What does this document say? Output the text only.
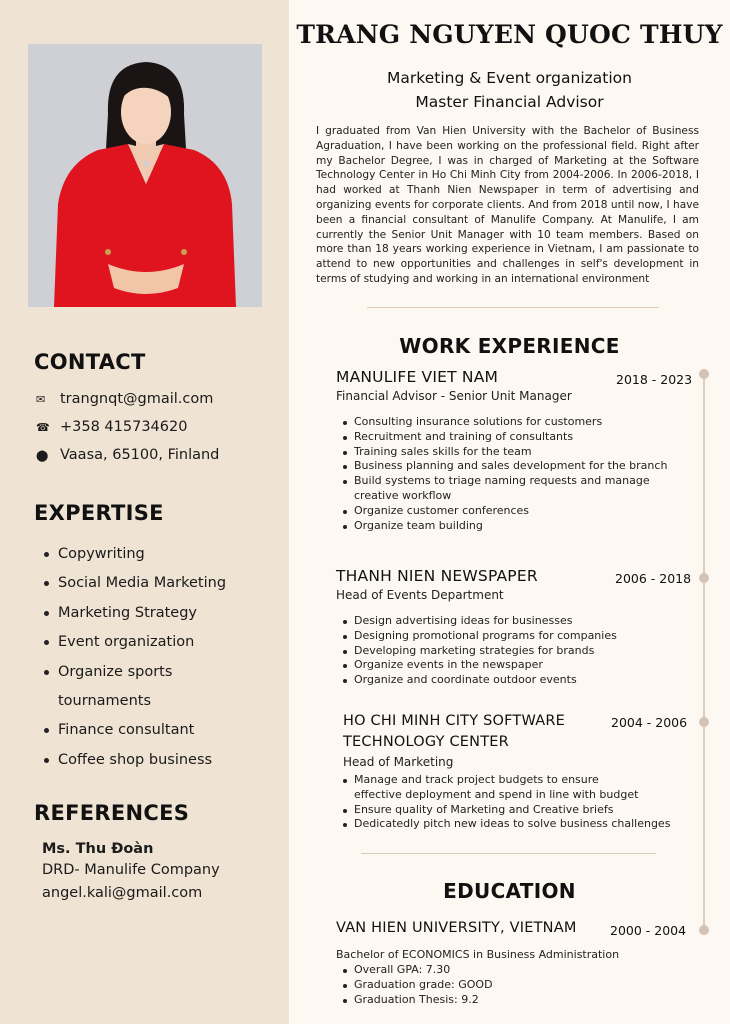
CONTACT
✉	trangnqt@gmail.com
☎ +358 415734620
⬤ Vaasa, 65100, Finland
EXPERTISE
Copywriting
Social Media Marketing
Marketing Strategy
Event organization
Organize sports tournaments
Finance consultant
Coffee shop business
REFERENCES
Ms. Thu Đoàn
DRD- Manulife Company
angel.kali@gmail.com
TRANG NGUYEN QUOC THUY
Marketing & Event organization
Master Financial Advisor

I graduated from Van Hien University with the Bachelor of Business Agraduation, I have been working on the professional field. Right after my Bachelor Degree, I was in charged of Marketing at the Software Technology Center in Ho Chi Minh City from 2004-2006. In 2006-2018, I had worked at Thanh Nien Newspaper in term of advertising and organizing events for corporate clients. And from 2018 until now, I have been a financial consultant of Manulife Company. At Manulife, I am currently the Senior Unit Manager with 10 team members. Based on more than 18 years working experience in Vietnam, I am passionate to attend to new opportunities and challenges in self's development in terms of studying and working in an international environment

WORK EXPERIENCE
MANULIFE VIET NAM	2018 - 2023
Financial Advisor - Senior Unit Manager
Consulting insurance solutions for customers
Recruitment and training of consultants
Training sales skills for the team
Business planning and sales development for the branch
Build systems to triage naming requests and manage creative workflow
Organize customer conferences
Organize team building
THANH NIEN NEWSPAPER	2006 - 2018
Head of Events Department
Design advertising ideas for businesses
Designing promotional programs for companies
Developing marketing strategies for brands
Organize events in the newspaper
Organize and coordinate outdoor events
HO CHI MINH CITY SOFTWARE
TECHNOLOGY CENTER
2004 - 2006
Head of Marketing
Manage and track project budgets to ensure effective deployment and spend in line with budget
Ensure quality of Marketing and Creative briefs
Dedicatedly pitch new ideas to solve business challenges
EDUCATION
VAN HIEN UNIVERSITY, VIETNAM	2000 - 2004
Bachelor of ECONOMICS in Business Administration
Overall GPA: 7.30
Graduation grade: GOOD
Graduation Thesis: 9.2
